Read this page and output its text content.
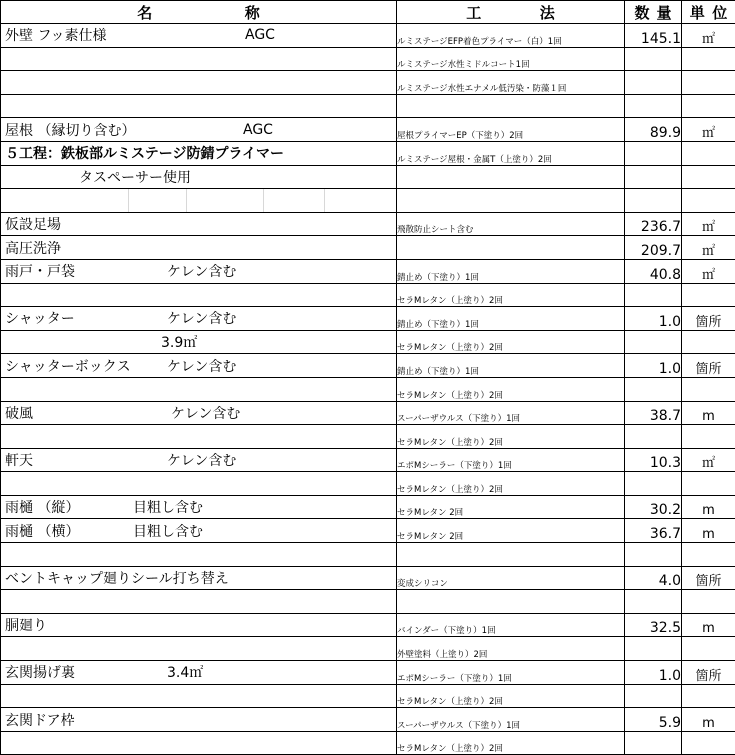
名 称	工 法	数 量	単 位

外壁 フッ素仕様 AGC	ルミステージEFP着色プライマー（白）1回	145.1	㎡

	ルミステージ水性ミドルコート1回		

	ルミステージ水性エナメル低汚染・防藻１回		

屋根 （縁切り含む） AGC	屋根プライマーEP（下塗り）2回	89.9	㎡

５工程：鉄板部ルミステージ防錆プライマー	ルミステージ屋根・金属T（上塗り）2回		

タスペーサー使用			

仮設足場	飛散防止シート含む	236.7	㎡

高圧洗浄		209.7	㎡

雨戸・戸袋 ケレン含む	錆止め（下塗り）1回	40.8	㎡

	セラMレタン（上塗り）2回		

シャッター ケレン含む	錆止め（下塗り）1回	1.0	箇所

3.9㎡	セラMレタン（上塗り）2回		

シャッターボックス ケレン含む	錆止め（下塗り）1回	1.0	箇所

	セラMレタン（上塗り）2回		

破風 ケレン含む	スーパーザウルス（下塗り）1回	38.7	m

	セラMレタン（上塗り）2回		

軒天 ケレン含む	エポMシーラー（下塗り）1回	10.3	㎡

	セラMレタン（上塗り）2回		

雨樋 （縦） 目粗し含む	セラMレタン 2回	30.2	m

雨樋 （横） 目粗し含む	セラMレタン 2回	36.7	m

ベントキャップ廻りシール打ち替え	変成シリコン	4.0	箇所

胴廻り	バインダー（下塗り）1回	32.5	m

	外壁塗料（上塗り）2回		

玄関揚げ裏 3.4㎡	エポMシーラー（下塗り）1回	1.0	箇所

	セラMレタン（上塗り）2回		

玄関ドア枠	スーパーザウルス（下塗り）1回	5.9	m

	セラMレタン（上塗り）2回		
